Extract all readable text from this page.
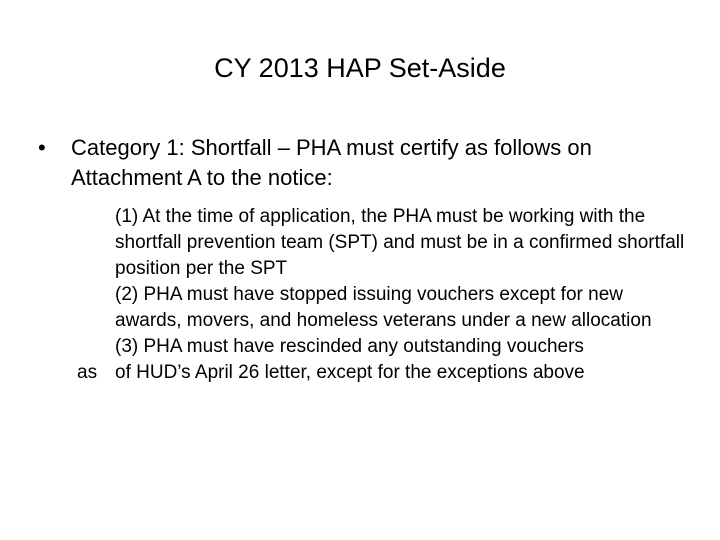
CY 2013 HAP Set-Aside
• Category 1: Shortfall – PHA must certify as follows on Attachment A to the notice:

(1) At the time of application, the PHA must be working with the shortfall prevention team (SPT) and must be in a confirmed shortfall position per the SPT

(2) PHA must have stopped issuing vouchers except for new awards, movers, and homeless veterans under a new allocation

(3) PHA must have rescinded any outstanding vouchers

as of HUD’s April 26 letter, except for the exceptions above
